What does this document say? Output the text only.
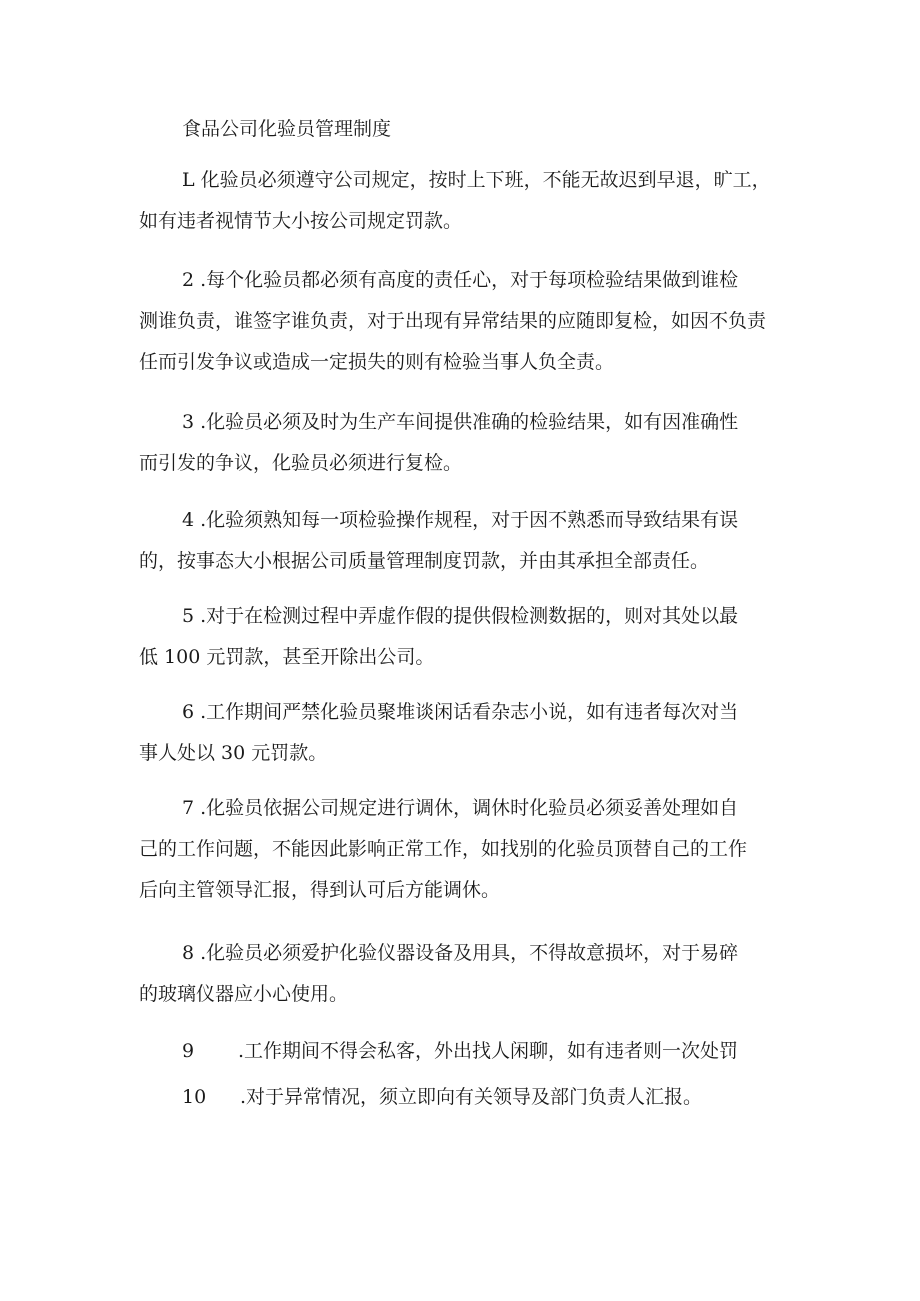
食品公司化验员管理制度
L 化验员必须遵守公司规定，按时上下班，不能无故迟到早退，旷工，
如有违者视情节大小按公司规定罚款。
2 .每个化验员都必须有高度的责任心，对于每项检验结果做到谁检
测谁负责，谁签字谁负责，对于出现有异常结果的应随即复检，如因不负责
任而引发争议或造成一定损失的则有检验当事人负全责。
3 .化验员必须及时为生产车间提供准确的检验结果，如有因准确性
而引发的争议，化验员必须进行复检。
4 .化验须熟知每一项检验操作规程，对于因不熟悉而导致结果有误
的，按事态大小根据公司质量管理制度罚款，并由其承担全部责任。
5 .对于在检测过程中弄虚作假的提供假检测数据的，则对其处以最
低 100 元罚款，甚至开除出公司。
6 .工作期间严禁化验员聚堆谈闲话看杂志小说，如有违者每次对当
事人处以 30 元罚款。
7 .化验员依据公司规定进行调休，调休时化验员必须妥善处理如自
己的工作问题，不能因此影响正常工作，如找别的化验员顶替自己的工作
后向主管领导汇报，得到认可后方能调休。
8 .化验员必须爱护化验仪器设备及用具，不得故意损坏，对于易碎
的玻璃仪器应小心使用。
9 .工作期间不得会私客，外出找人闲聊，如有违者则一次处罚
10 .对于异常情况，须立即向有关领导及部门负责人汇报。
